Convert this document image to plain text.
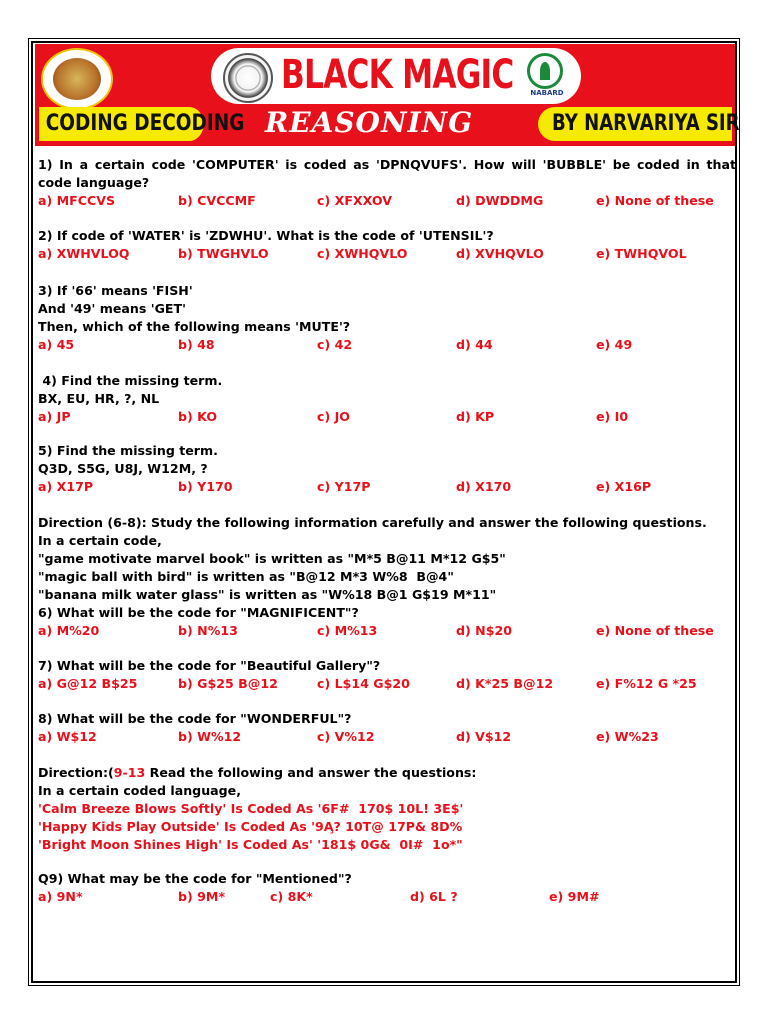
BLACK MAGIC	NABARD
CODING DECODING REASONING	BY NARVARIYA SIR
1) In a certain code 'COMPUTER' is coded as 'DPNQVUFS'. How will 'BUBBLE' be coded in that code language?
a) MFCCVS	b) CVCCMF	c) XFXXOV	d) DWDDMG	e) None of these
2) If code of 'WATER' is 'ZDWHU'. What is the code of 'UTENSIL'?
a) XWHVLOQ	b) TWGHVLO	c) XWHQVLO	d) XVHQVLO	e) TWHQVOL
3) If '66' means 'FISH'
And '49' means 'GET'
Then, which of the following means 'MUTE'?
a) 45	b) 48	c) 42	d) 44	e) 49
4) Find the missing term.
BX, EU, HR, ?, NL
a) JP	b) KO	c) JO	d) KP	e) I0
5) Find the missing term.
Q3D, S5G, U8J, W12M, ?
a) X17P	b) Y170	c) Y17P	d) X170	e) X16P
Direction (6-8): Study the following information carefully and answer the following questions.
In a certain code,
"game motivate marvel book" is written as "M*5 B@11 M*12 G$5"
"magic ball with bird" is written as "B@12 M*3 W%8  B@4"
"banana milk water glass" is written as "W%18 B@1 G$19 M*11"
6) What will be the code for "MAGNIFICENT"?
a) M%20	b) N%13	c) M%13	d) N$20	e) None of these
7) What will be the code for "Beautiful Gallery"?
a) G@12 B$25	b) G$25 B@12	c) L$14 G$20	d) K*25 B@12	e) F%12 G *25
8) What will be the code for "WONDERFUL"?
a) W$12	b) W%12	c) V%12	d) V$12	e) W%23
Direction:(9-13 Read the following and answer the questions:
In a certain coded language,
'Calm Breeze Blows Softly' Is Coded As '6F#  170$ 10L! 3E$'
'Happy Kids Play Outside' Is Coded As '9A̧? 10T@ 17P& 8D%
'Bright Moon Shines High' Is Coded As' '181$ 0G&  0I#  1o*"
Q9) What may be the code for "Mentioned"?
a) 9N*	b) 9M*	c) 8K*	d) 6L ?	e) 9M#
